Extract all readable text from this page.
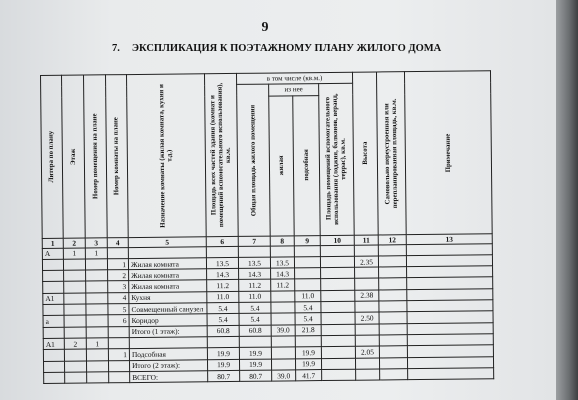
9
7. ЭКСПЛИКАЦИЯ К ПОЭТАЖНОМУ ПЛАНУ ЖИЛОГО ДОМА
Литера по плану	Этаж	Номер помещения на плане	Номер комнаты на плане	Назначение комнаты (жилая комната, кухня и т.д.)	Площадь всех частей здания (комнат и помещений вспомогательного использования), кв.м.	в том числе (кв.м.)				Высота	Самовольно переустроенная или перепланированная площадь, кв.м.	Примечание

						Общая площадь жилого помещения	из нее		Площадь помещений вспомогательного использования (лоджия, балконов, веранд, террас), кв.м.			

							жилая	подсобная				

1	2	3	4	5	6	7	8	9	10	11	12	13
А	1	1										
			1	Жилая комната	13.5	13.5	13.5			2.35		
			2	Жилая комната	14.3	14.3	14.3					
			3	Жилая комната	11.2	11.2	11.2					
А1			4	Кухня	11.0	11.0		11.0		2.38		
			5	Совмещенный санузел	5.4	5.4		5.4				
а			6	Коридор	5.4	5.4		5.4		2.50		
				Итого (1 этаж):	60.8	60.8	39.0	21.8				
А1	2	1										
			1	Подсобная	19.9	19.9		19.9		2.05		
				Итого (2 этаж):	19.9	19.9		19.9				
				ВСЕГО:	80.7	80.7	39.0	41.7				
